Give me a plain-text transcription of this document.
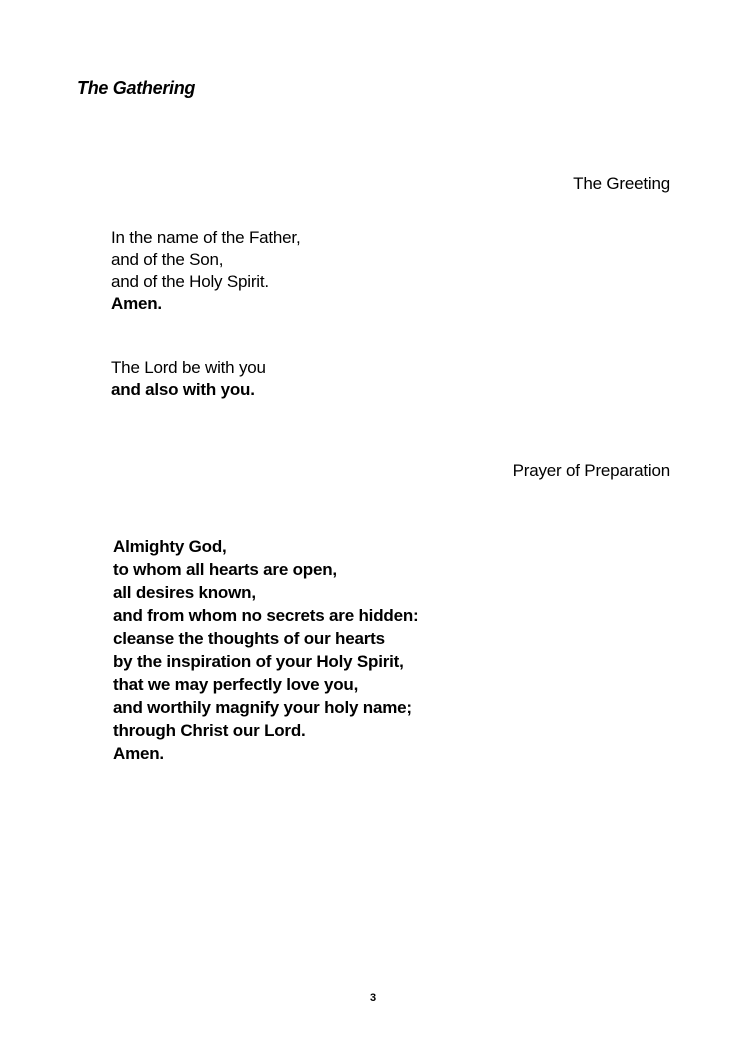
The Gathering
The Greeting
In the name of the Father,
and of the Son,
and of the Holy Spirit.
Amen.
The Lord be with you
and also with you.
Prayer of Preparation
Almighty God,
to whom all hearts are open,
all desires known,
and from whom no secrets are hidden:
cleanse the thoughts of our hearts
by the inspiration of your Holy Spirit,
that we may perfectly love you,
and worthily magnify your holy name;
through Christ our Lord.
Amen.
3
